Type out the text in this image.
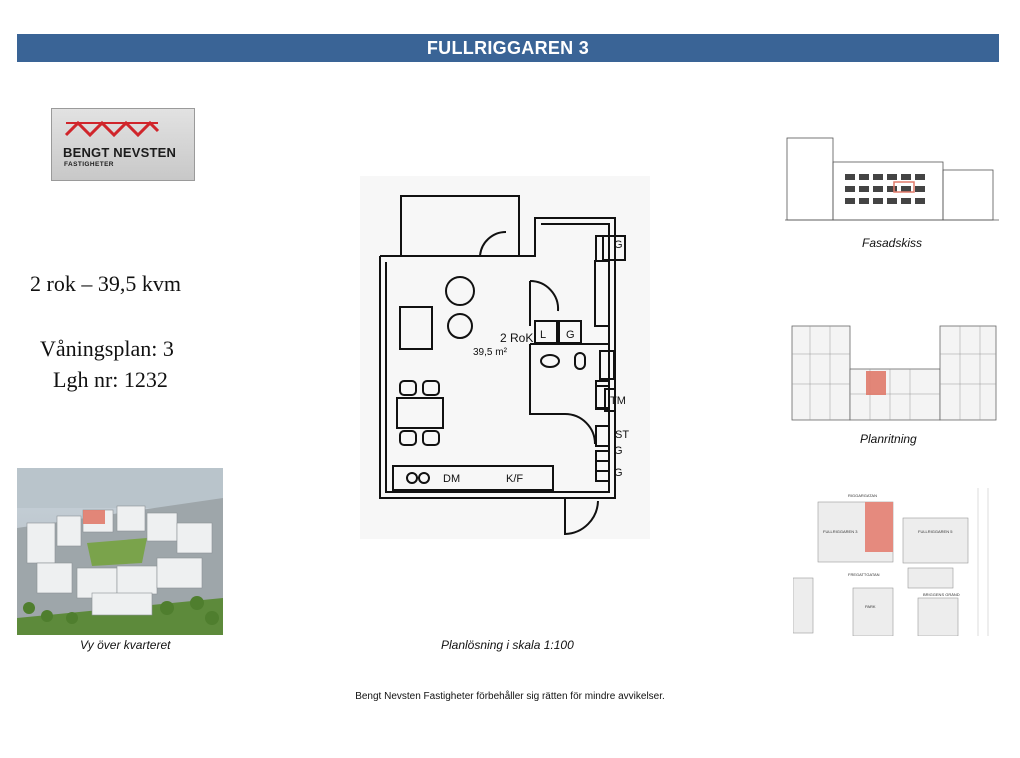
FULLRIGGAREN 3
BENGT NEVSTEN
FASTIGHETER
2 rok – 39,5 kvm
Våningsplan: 3
Lgh nr: 1232
Vy över kvarteret
G
L G
TM
ST
G
G
DM	K/F
2 RoK
39,5 m²
Planlösning i skala 1:100
Fasadskiss
Planritning
FULLRIGGAREN 3	FULLRIGGAREN 5
RIGGARGATAN
FREGATTGATAN
BRIGGENS GRÄND
PARK
Bengt Nevsten Fastigheter förbehåller sig rätten för mindre avvikelser.
